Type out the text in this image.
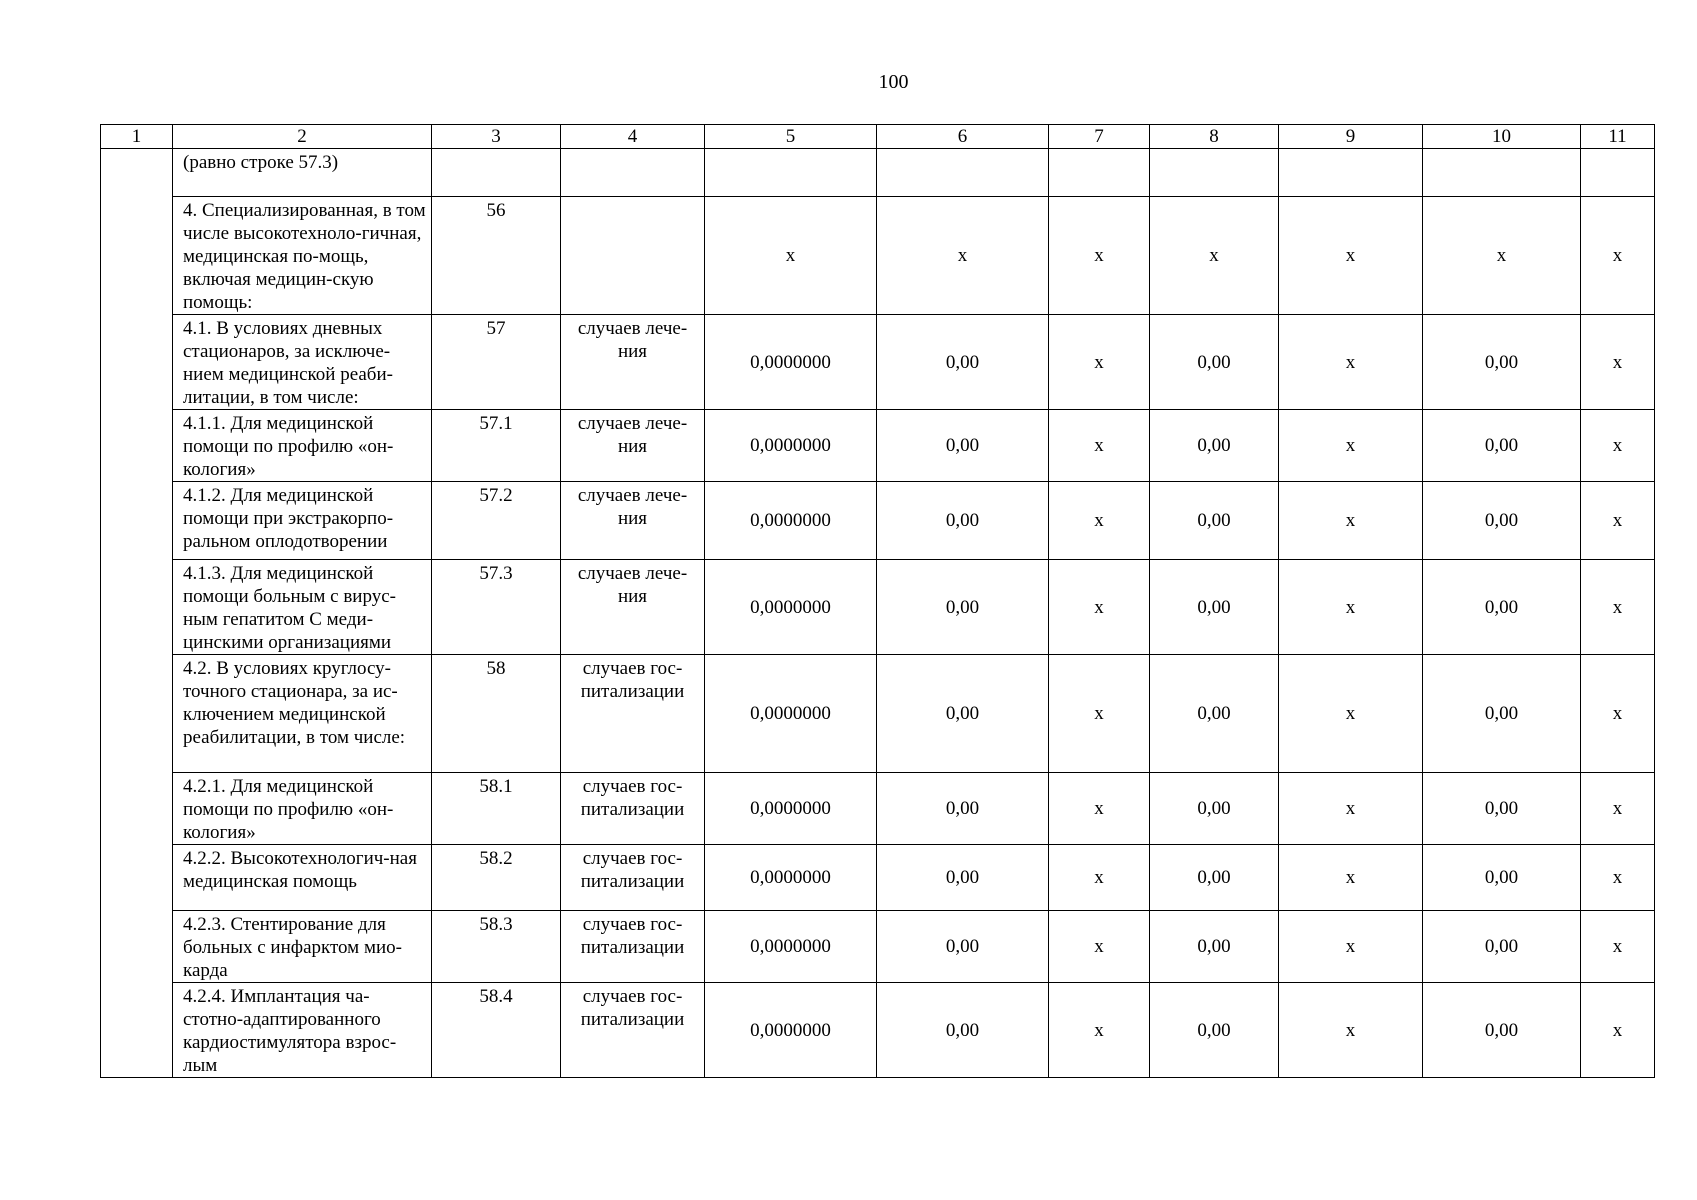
100
1	2	3	4	5	6	7	8	9	10	11
	(равно строке 57.3)									
	4. Специализированная, в том числе высокотехноло-гичная, медицинская по-мощь, включая медицин-скую помощь:	56		х	х	х	х	х	х	х
	4.1. В условиях дневных стационаров, за исключе-нием медицинской реаби-литации, в том числе:	57	случаев лече-ния	0,0000000	0,00	х	0,00	х	0,00	х
	4.1.1. Для медицинской помощи по профилю «он-кология»	57.1	случаев лече-ния	0,0000000	0,00	х	0,00	х	0,00	х
	4.1.2. Для медицинской помощи при экстракорпо-ральном оплодотворении	57.2	случаев лече-ния	0,0000000	0,00	х	0,00	х	0,00	х
	4.1.3. Для медицинской помощи больным с вирус-ным гепатитом С меди-цинскими организациями	57.3	случаев лече-ния	0,0000000	0,00	х	0,00	х	0,00	х
	4.2. В условиях круглосу-точного стационара, за ис-ключением медицинской реабилитации, в том числе:	58	случаев гос-питализации	0,0000000	0,00	х	0,00	х	0,00	х
	4.2.1. Для медицинской помощи по профилю «он-кология»	58.1	случаев гос-питализации	0,0000000	0,00	х	0,00	х	0,00	х
	4.2.2. Высокотехнологич-ная медицинская помощь	58.2	случаев гос-питализации	0,0000000	0,00	х	0,00	х	0,00	х
	4.2.3. Стентирование для больных с инфарктом мио-карда	58.3	случаев гос-питализации	0,0000000	0,00	х	0,00	х	0,00	х
	4.2.4. Имплантация ча-стотно-адаптированного кардиостимулятора взрос-лым	58.4	случаев гос-питализации	0,0000000	0,00	х	0,00	х	0,00	х
